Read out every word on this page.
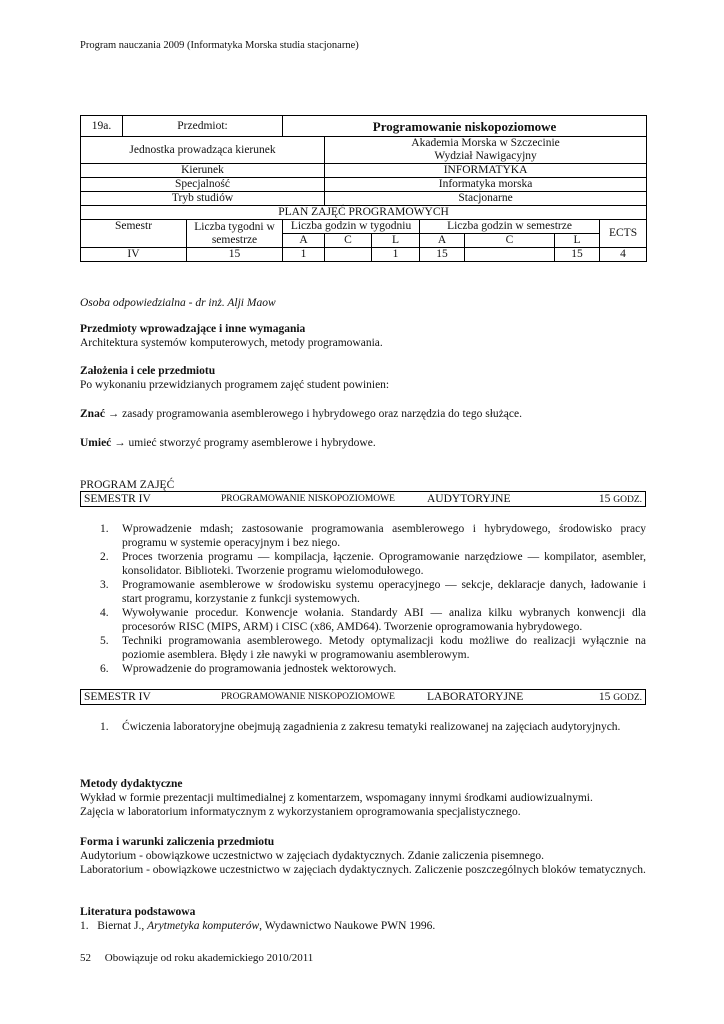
Program nauczania 2009 (Informatyka Morska studia stacjonarne)
19a.	Przedmiot:		Programowanie niskopoziomowe						
Jednostka prowadząca kierunek				Akademia Morska w Szczecinie
Wydział Nawigacyjny					

Kierunek				INFORMATYKA					
Specjalność				Informatyka morska					
Tryb studiów				Stacjonarne					
PLAN ZAJĘĆ PROGRAMOWYCH									
Semestr		Liczba tygodni w semestrze	Liczba godzin w tygodniu			Liczba godzin w semestrze			ECTS
			A	C	L	A	C	L	
IV		15	1		1	15		15	4
Osoba odpowiedzialna - dr inż. Alji Maow
Przedmioty wprowadzające i inne wymagania
Architektura systemów komputerowych, metody programowania.
Założenia i cele przedmiotu
Po wykonaniu przewidzianych programem zajęć student powinien:
Znać → zasady programowania asemblerowego i hybrydowego oraz narzędzia do tego służące.
Umieć → umieć stworzyć programy asemblerowe i hybrydowe.
PROGRAM ZAJĘĆ
SEMESTR IV	PROGRAMOWANIE NISKOPOZIOMOWE	AUDYTORYJNE	15 GODZ.
1. Wprowadzenie mdash; zastosowanie programowania asemblerowego i hybrydowego, środowisko pracy programu w systemie operacyjnym i bez niego.
2. Proces tworzenia programu — kompilacja, łączenie. Oprogramowanie narzędziowe — kompilator, asembler, konsolidator. Biblioteki. Tworzenie programu wielomodułowego.
3. Programowanie asemblerowe w środowisku systemu operacyjnego — sekcje, deklaracje danych, ładowanie i start programu, korzystanie z funkcji systemowych.
4. Wywoływanie procedur. Konwencje wołania. Standardy ABI — analiza kilku wybranych konwencji dla procesorów RISC (MIPS, ARM) i CISC (x86, AMD64). Tworzenie oprogramowania hybrydowego.
5. Techniki programowania asemblerowego. Metody optymalizacji kodu możliwe do realizacji wyłącznie na poziomie asemblera. Błędy i złe nawyki w programowaniu asemblerowym.
6. Wprowadzenie do programowania jednostek wektorowych.
SEMESTR IV	PROGRAMOWANIE NISKOPOZIOMOWE	LABORATORYJNE	15 GODZ.
1. Ćwiczenia laboratoryjne obejmują zagadnienia z zakresu tematyki realizowanej na zajęciach audytoryjnych.
Metody dydaktyczne
Wykład w formie prezentacji multimedialnej z komentarzem, wspomagany innymi środkami audiowizualnymi.
Zajęcia w laboratorium informatycznym z wykorzystaniem oprogramowania specjalistycznego.
Forma i warunki zaliczenia przedmiotu
Audytorium - obowiązkowe uczestnictwo w zajęciach dydaktycznych. Zdanie zaliczenia pisemnego.
Laboratorium - obowiązkowe uczestnictwo w zajęciach dydaktycznych. Zaliczenie poszczególnych bloków tematycznych.
Literatura podstawowa
1. Biernat J., Arytmetyka komputerów, Wydawnictwo Naukowe PWN 1996.
52 Obowiązuje od roku akademickiego 2010/2011
